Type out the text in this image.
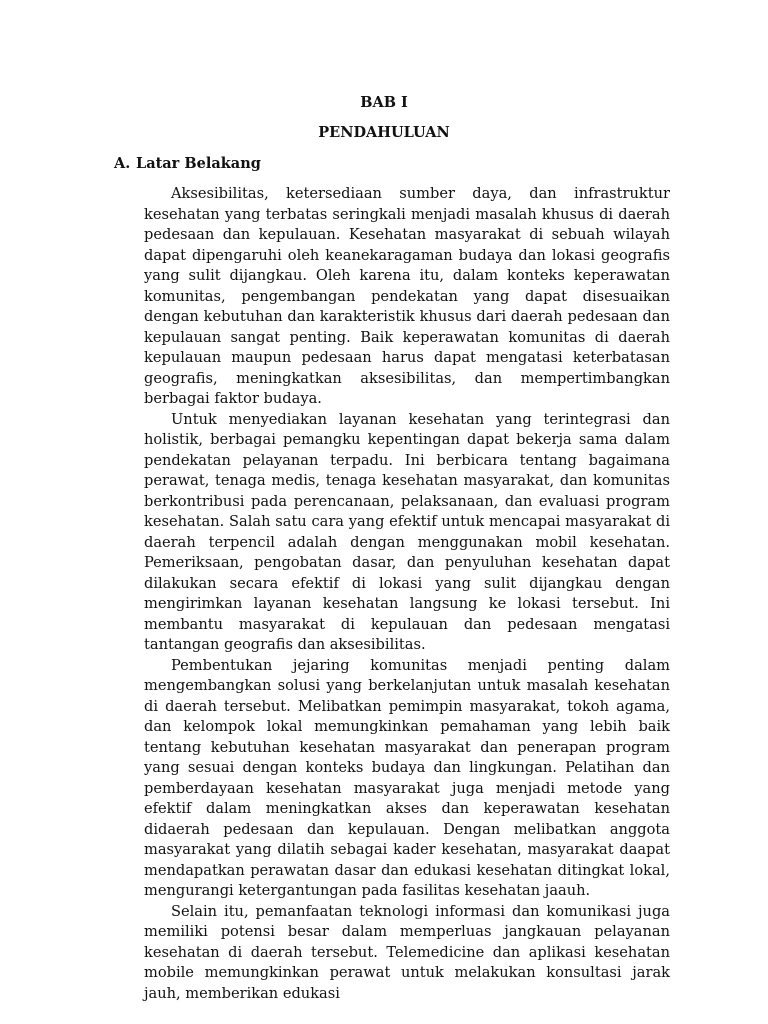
BAB I
PENDAHULUAN
A. Latar Belakang

Aksesibilitas, ketersediaan sumber daya, dan infrastruktur kesehatan yang terbatas seringkali menjadi masalah khusus di daerah pedesaan dan kepulauan. Kesehatan masyarakat di sebuah wilayah dapat dipengaruhi oleh keanekaragaman budaya dan lokasi geografis yang sulit dijangkau. Oleh karena itu, dalam konteks keperawatan komunitas, pengembangan pendekatan yang dapat disesuaikan dengan kebutuhan dan karakteristik khusus dari daerah pedesaan dan kepulauan sangat penting. Baik keperawatan komunitas di daerah kepulauan maupun pedesaan harus dapat mengatasi keterbatasan geografis, meningkatkan aksesibilitas, dan mempertimbangkan berbagai faktor budaya.

Untuk menyediakan layanan kesehatan yang terintegrasi dan holistik, berbagai pemangku kepentingan dapat bekerja sama dalam pendekatan pelayanan terpadu. Ini berbicara tentang bagaimana perawat, tenaga medis, tenaga kesehatan masyarakat, dan komunitas berkontribusi pada perencanaan, pelaksanaan, dan evaluasi program kesehatan. Salah satu cara yang efektif untuk mencapai masyarakat di daerah terpencil adalah dengan menggunakan mobil kesehatan. Pemeriksaan, pengobatan dasar, dan penyuluhan kesehatan dapat dilakukan secara efektif di lokasi yang sulit dijangkau dengan mengirimkan layanan kesehatan langsung ke lokasi tersebut. Ini membantu masyarakat di kepulauan dan pedesaan mengatasi tantangan geografis dan aksesibilitas.

Pembentukan jejaring komunitas menjadi penting dalam mengembangkan solusi yang berkelanjutan untuk masalah kesehatan di daerah tersebut. Melibatkan pemimpin masyarakat, tokoh agama, dan kelompok lokal memungkinkan pemahaman yang lebih baik tentang kebutuhan kesehatan masyarakat dan penerapan program yang sesuai dengan konteks budaya dan lingkungan. Pelatihan dan pemberdayaan kesehatan masyarakat juga menjadi metode yang efektif dalam meningkatkan akses dan keperawatan kesehatan didaerah pedesaan dan kepulauan. Dengan melibatkan anggota masyarakat yang dilatih sebagai kader kesehatan, masyarakat daapat mendapatkan perawatan dasar dan edukasi kesehatan ditingkat lokal, mengurangi ketergantungan pada fasilitas kesehatan jaauh.

Selain itu, pemanfaatan teknologi informasi dan komunikasi juga memiliki potensi besar dalam memperluas jangkauan pelayanan kesehatan di daerah tersebut. Telemedicine dan aplikasi kesehatan mobile memungkinkan perawat untuk melakukan konsultasi jarak jauh, memberikan edukasi
